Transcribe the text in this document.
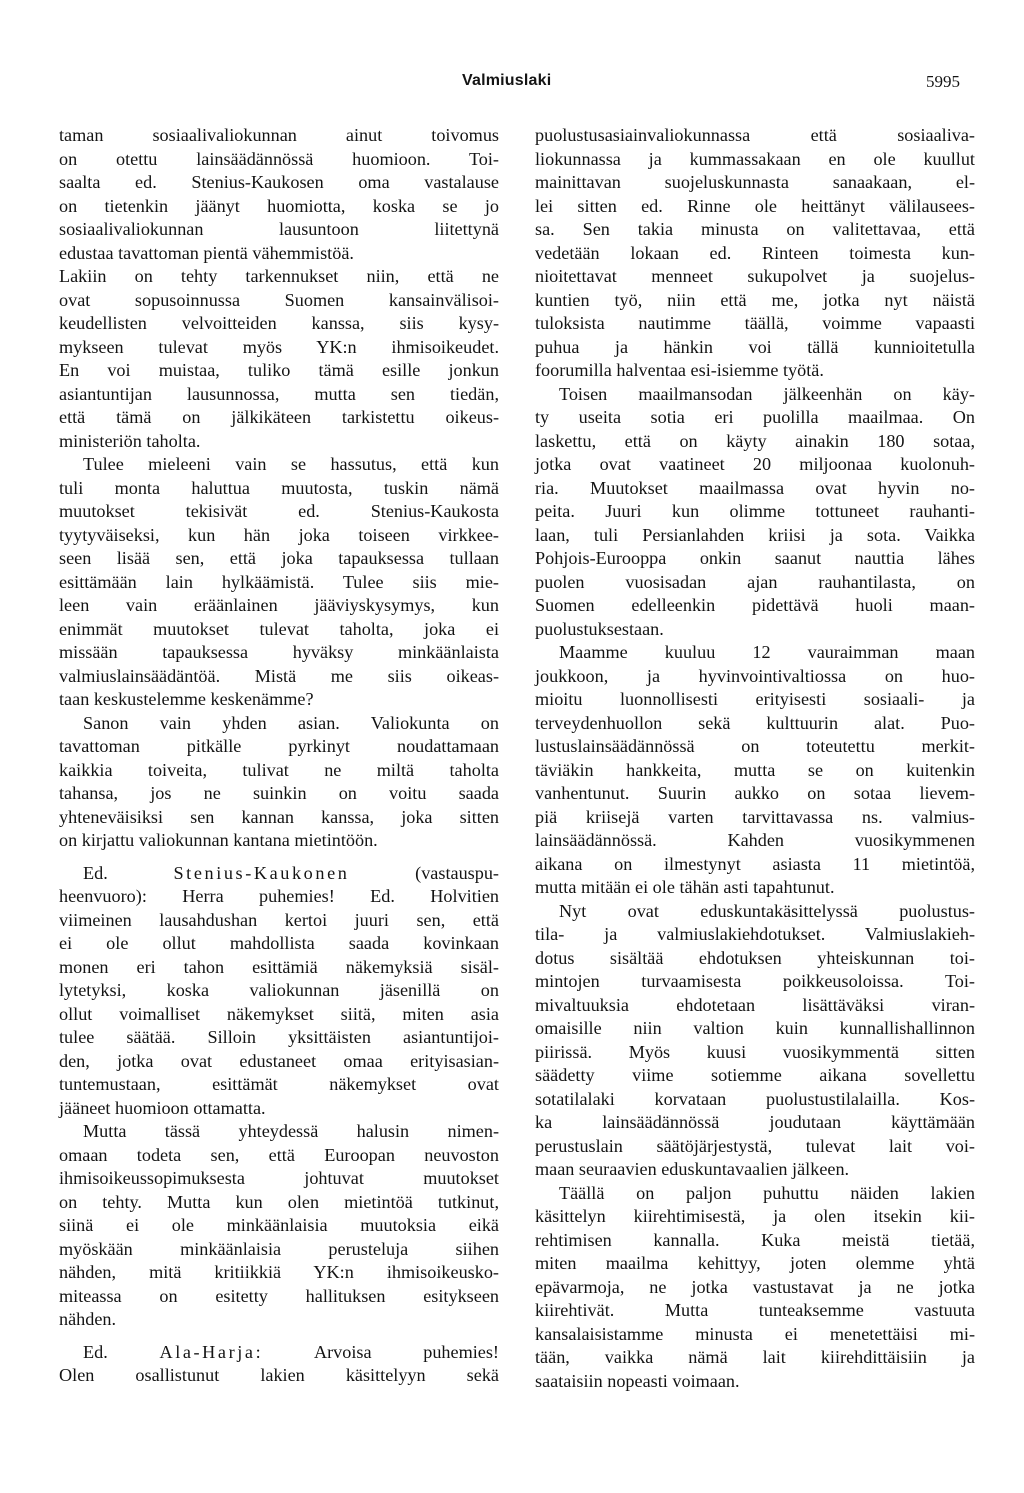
Valmiuslaki	5995
taman sosiaalivaliokunnan ainut toivomus
on otettu lainsäädännössä huomioon. Toi-
saalta ed. Stenius-Kaukosen oma vastalause
on tietenkin jäänyt huomiotta, koska se jo
sosiaalivaliokunnan lausuntoon liitettynä
edustaa tavattoman pientä vähemmistöä.
Lakiin on tehty tarkennukset niin, että ne
ovat sopusoinnussa Suomen kansainvälisoi-
keudellisten velvoitteiden kanssa, siis kysy-
mykseen tulevat myös YK:n ihmisoikeudet.
En voi muistaa, tuliko tämä esille jonkun
asiantuntijan lausunnossa, mutta sen tiedän,
että tämä on jälkikäteen tarkistettu oikeus-
ministeriön taholta.
Tulee mieleeni vain se hassutus, että kun
tuli monta haluttua muutosta, tuskin nämä
muutokset tekisivät ed. Stenius-Kaukosta
tyytyväiseksi, kun hän joka toiseen virkkee-
seen lisää sen, että joka tapauksessa tullaan
esittämään lain hylkäämistä. Tulee siis mie-
leen vain eräänlainen jääviyskysymys, kun
enimmät muutokset tulevat taholta, joka ei
missään tapauksessa hyväksy minkäänlaista
valmiuslainsäädäntöä. Mistä me siis oikeas-
taan keskustelemme keskenämme?
Sanon vain yhden asian. Valiokunta on
tavattoman pitkälle pyrkinyt noudattamaan
kaikkia toiveita, tulivat ne miltä taholta
tahansa, jos ne suinkin on voitu saada
yhteneväisiksi sen kannan kanssa, joka sitten
on kirjattu valiokunnan kantana mietintöön.
Ed. Stenius-Kaukonen (vastauspu-
heenvuoro): Herra puhemies! Ed. Holvitien
viimeinen lausahdushan kertoi juuri sen, että
ei ole ollut mahdollista saada kovinkaan
monen eri tahon esittämiä näkemyksiä sisäl-
lytetyksi, koska valiokunnan jäsenillä on
ollut voimalliset näkemykset siitä, miten asia
tulee säätää. Silloin yksittäisten asiantuntijoi-
den, jotka ovat edustaneet omaa erityisasian-
tuntemustaan, esittämät näkemykset ovat
jääneet huomioon ottamatta.
Mutta tässä yhteydessä halusin nimen-
omaan todeta sen, että Euroopan neuvoston
ihmisoikeussopimuksesta johtuvat muutokset
on tehty. Mutta kun olen mietintöä tutkinut,
siinä ei ole minkäänlaisia muutoksia eikä
myöskään minkäänlaisia perusteluja siihen
nähden, mitä kritiikkiä YK:n ihmisoikeusko-
miteassa on esitetty hallituksen esitykseen
nähden.
Ed. Ala-Harja: Arvoisa puhemies!
Olen osallistunut lakien käsittelyyn sekä
puolustusasiainvaliokunnassa että sosiaaliva-
liokunnassa ja kummassakaan en ole kuullut
mainittavan suojeluskunnasta sanaakaan, el-
lei sitten ed. Rinne ole heittänyt välilausees-
sa. Sen takia minusta on valitettavaa, että
vedetään lokaan ed. Rinteen toimesta kun-
nioitettavat menneet sukupolvet ja suojelus-
kuntien työ, niin että me, jotka nyt näistä
tuloksista nautimme täällä, voimme vapaasti
puhua ja hänkin voi tällä kunnioitetulla
foorumilla halventaa esi-isiemme työtä.
Toisen maailmansodan jälkeenhän on käy-
ty useita sotia eri puolilla maailmaa. On
laskettu, että on käyty ainakin 180 sotaa,
jotka ovat vaatineet 20 miljoonaa kuolonuh-
ria. Muutokset maailmassa ovat hyvin no-
peita. Juuri kun olimme tottuneet rauhanti-
laan, tuli Persianlahden kriisi ja sota. Vaikka
Pohjois-Eurooppa onkin saanut nauttia lähes
puolen vuosisadan ajan rauhantilasta, on
Suomen edelleenkin pidettävä huoli maan-
puolustuksestaan.
Maamme kuuluu 12 vauraimman maan
joukkoon, ja hyvinvointivaltiossa on huo-
mioitu luonnollisesti erityisesti sosiaali- ja
terveydenhuollon sekä kulttuurin alat. Puo-
lustuslainsäädännössä on toteutettu merkit-
täviäkin hankkeita, mutta se on kuitenkin
vanhentunut. Suurin aukko on sotaa lievem-
piä kriisejä varten tarvittavassa ns. valmius-
lainsäädännössä. Kahden vuosikymmenen
aikana on ilmestynyt asiasta 11 mietintöä,
mutta mitään ei ole tähän asti tapahtunut.
Nyt ovat eduskuntakäsittelyssä puolustus-
tila- ja valmiuslakiehdotukset. Valmiuslakieh-
dotus sisältää ehdotuksen yhteiskunnan toi-
mintojen turvaamisesta poikkeusoloissa. Toi-
mivaltuuksia ehdotetaan lisättäväksi viran-
omaisille niin valtion kuin kunnallishallinnon
piirissä. Myös kuusi vuosikymmentä sitten
säädetty viime sotiemme aikana sovellettu
sotatilalaki korvataan puolustustilalailla. Kos-
ka lainsäädännössä joudutaan käyttämään
perustuslain säätöjärjestystä, tulevat lait voi-
maan seuraavien eduskuntavaalien jälkeen.
Täällä on paljon puhuttu näiden lakien
käsittelyn kiirehtimisestä, ja olen itsekin kii-
rehtimisen kannalla. Kuka meistä tietää,
miten maailma kehittyy, joten olemme yhtä
epävarmoja, ne jotka vastustavat ja ne jotka
kiirehtivät. Mutta tunteaksemme vastuuta
kansalaisistamme minusta ei menetettäisi mi-
tään, vaikka nämä lait kiirehdittäisiin ja
saataisiin nopeasti voimaan.
